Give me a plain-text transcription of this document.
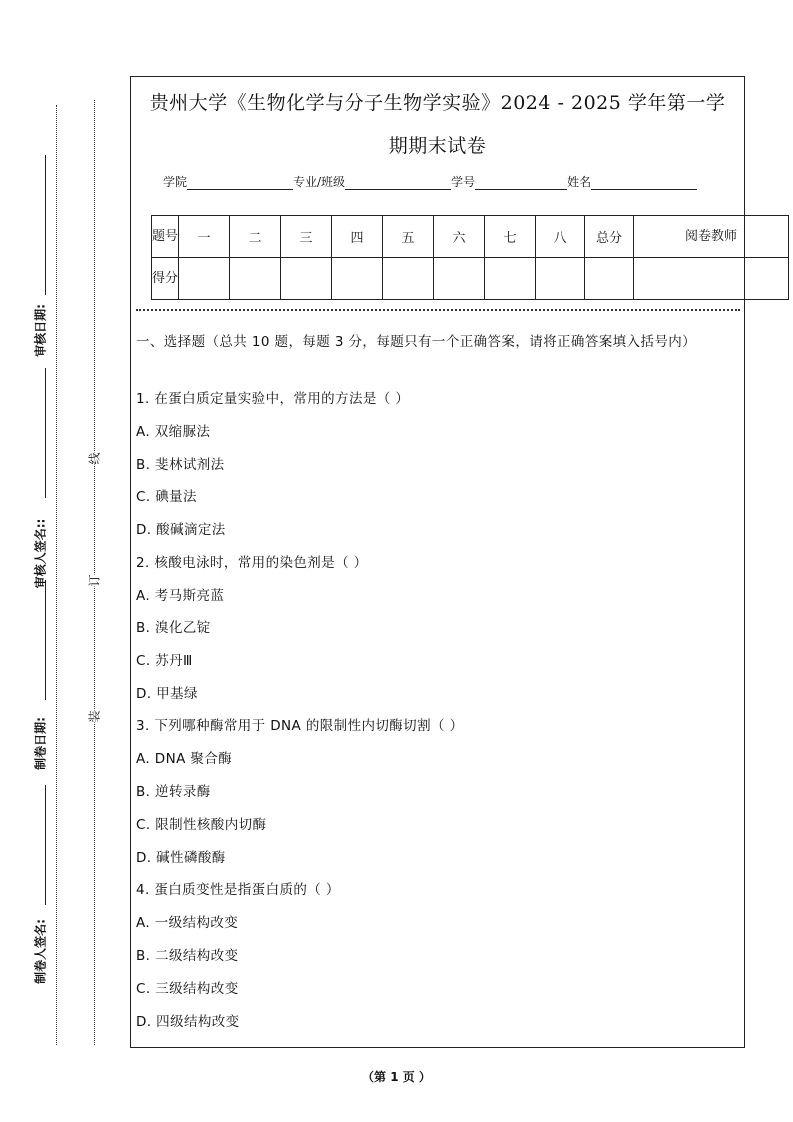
审核日期:
审核人签名::
制卷日期:
制卷人签名:
线
订
装
贵州大学《生物化学与分子生物学实验》2024 - 2025 学年第一学
期期末试卷
学院	专业/班级	学号	姓名
题号	一	二	三	四	五	六	七	八	总分	阅卷教师
得分										
一、选择题（总共 10 题，每题 3 分，每题只有一个正确答案，请将正确答案填入括号内）
1. 在蛋白质定量实验中，常用的方法是（ ）
A. 双缩脲法
B. 斐林试剂法
C. 碘量法
D. 酸碱滴定法
2. 核酸电泳时，常用的染色剂是（ ）
A. 考马斯亮蓝
B. 溴化乙锭
C. 苏丹Ⅲ
D. 甲基绿
3. 下列哪种酶常用于 DNA 的限制性内切酶切割（ ）
A. DNA 聚合酶
B. 逆转录酶
C. 限制性核酸内切酶
D. 碱性磷酸酶
4. 蛋白质变性是指蛋白质的（ ）
A. 一级结构改变
B. 二级结构改变
C. 三级结构改变
D. 四级结构改变
（第 1 页 ）
